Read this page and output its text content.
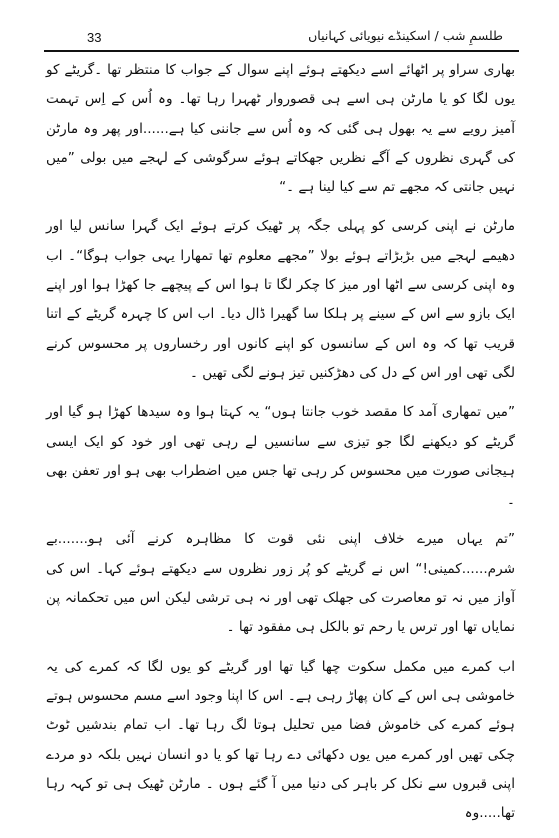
33	طلسمِ شب / اسکینڈے نیویائی کہانیاں

بھاری سراو پر اٹھائے اسے دیکھتے ہوئے اپنے سوال کے جواب کا منتظر تھا ۔گریٹے کو یوں لگا کو یا مارٹن ہی اسے ہی قصوروار ٹھہرا رہا تھا۔ وہ اُس کے اِس تہمت آمیز رویے سے یہ بھول ہی گئی کہ وہ اُس سے جاننی کیا ہے......اور پھر وہ مارٹن کی گہری نظروں کے آگے نظریں جھکاتے ہوئے سرگوشی کے لہجے میں بولی ”میں نہیں جانتی کہ مجھے تم سے کیا لینا ہے ۔“

مارٹن نے اپنی کرسی کو پہلی جگہ پر ٹھیک کرتے ہوئے ایک گہرا سانس لیا اور دھیمے لہجے میں بڑبڑاتے ہوئے بولا ”مجھے معلوم تھا تمھارا یہی جواب ہوگا“۔ اب وہ اپنی کرسی سے اٹھا اور میز کا چکر لگا تا ہوا اس کے پیچھے جا کھڑا ہوا اور اپنے ایک بازو سے اس کے سینے پر ہلکا سا گھیرا ڈال دیا۔ اب اس کا چہرہ گریٹے کے اتنا قریب تھا کہ وہ اس کے سانسوں کو اپنے کانوں اور رخساروں پر محسوس کرنے لگی تھی اور اس کے دل کی دھڑکنیں تیز ہونے لگی تھیں ۔

”میں تمھاری آمد کا مقصد خوب جانتا ہوں“ یہ کہتا ہوا وہ سیدھا کھڑا ہو گیا اور گریٹے کو دیکھنے لگا جو تیزی سے سانسیں لے رہی تھی اور خود کو ایک ایسی ہیجانی صورت میں محسوس کر رہی تھا جس میں اضطراب بھی ہو اور تعفن بھی ۔

”تم یہاں میرے خلاف اپنی نئی قوت کا مظاہرہ کرنے آئی ہو.......بے شرم......کمینی!“ اس نے گریٹے کو پُر زور نظروں سے دیکھتے ہوئے کہا۔ اس کی آواز میں نہ تو معاصرت کی جھلک تھی اور نہ ہی ترشی لیکن اس میں تحکمانہ پن نمایاں تھا اور ترس یا رحم تو بالکل ہی مفقود تھا ۔

اب کمرے میں مکمل سکوت چھا گیا تھا اور گریٹے کو یوں لگا کہ کمرے کی یہ خاموشی ہی اس کے کان پھاڑ رہی ہے۔ اس کا اپنا وجود اسے مسم محسوس ہوتے ہوئے کمرے کی خاموش فضا میں تحلیل ہوتا لگ رہا تھا۔ اب تمام بندشیں ٹوٹ چکی تھیں اور کمرے میں یوں دکھائی دے رہا تھا کو یا دو انسان نہیں بلکہ دو مردے اپنی قبروں سے نکل کر باہر کی دنیا میں آ گئے ہوں ۔ مارٹن ٹھیک ہی تو کہہ رہا تھا.....وہ
